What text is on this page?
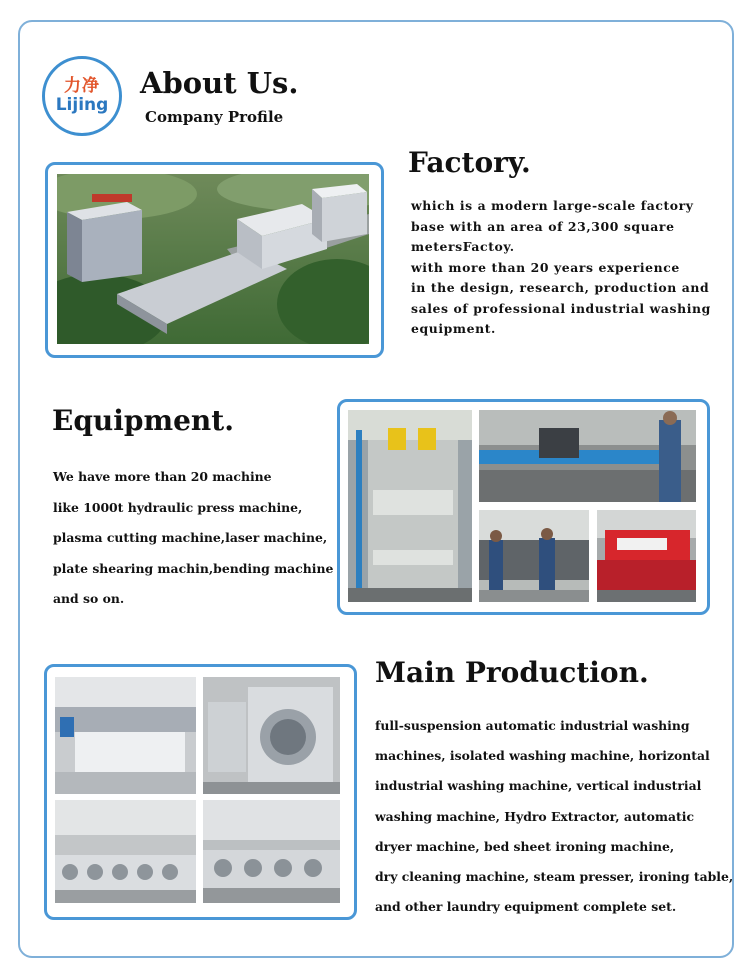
力净
Lijing
About Us.

Company Profile

Factory.

which is a modern large-scale factory
base with an area of 23,300 square
metersFactoy.
with more than 20 years experience
in the design, research, production and
sales of professional industrial washing
equipment.

Equipment.

We have more than 20 machine
like 1000t hydraulic press machine,
plasma cutting machine,laser machine,
plate shearing machin,bending machine
and so on.

Main Production.

full-suspension automatic industrial washing
machines, isolated washing machine, horizontal
industrial washing machine, vertical industrial
washing machine, Hydro Extractor, automatic
dryer machine, bed sheet ironing machine,
dry cleaning machine, steam presser, ironing table,
and other laundry equipment complete set.
